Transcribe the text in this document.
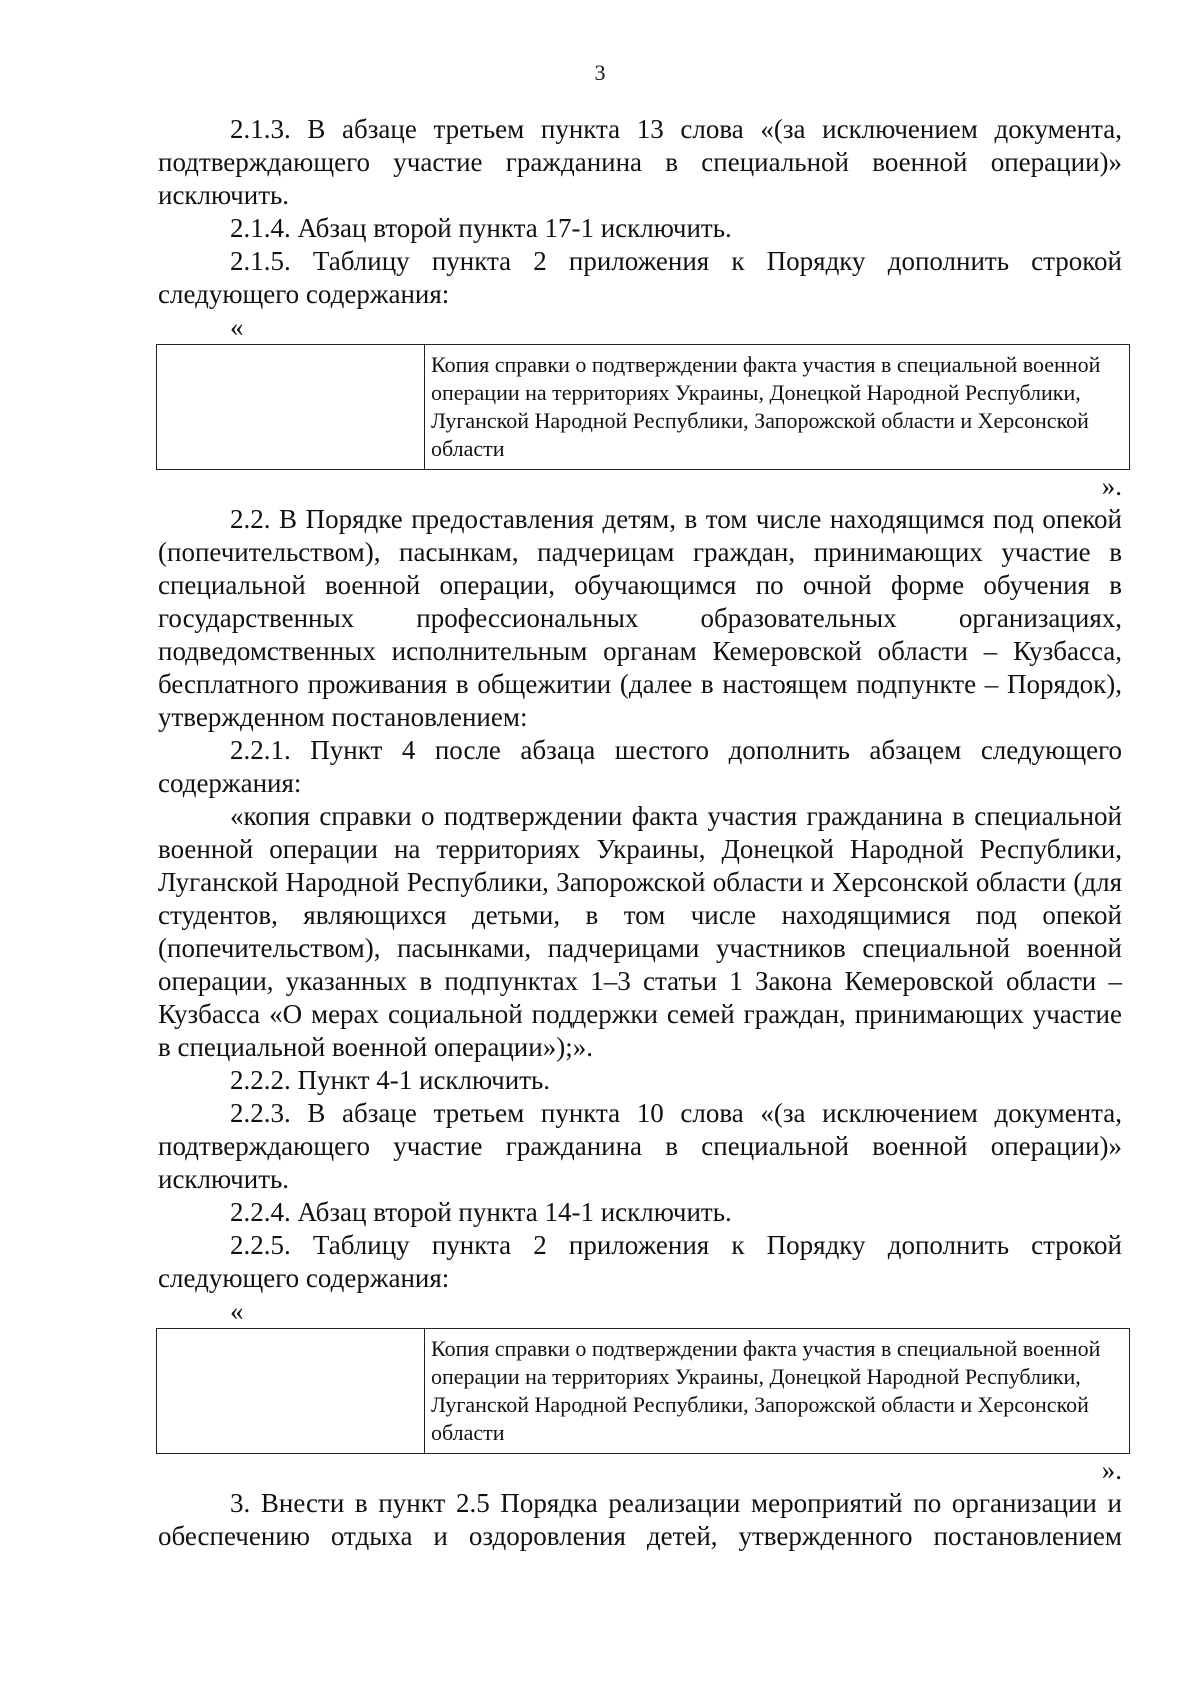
3

2.1.3. В абзаце третьем пункта 13 слова «(за исключением документа, подтверждающего участие гражданина в специальной военной операции)» исключить.

2.1.4. Абзац второй пункта 17-1 исключить.

2.1.5. Таблицу пункта 2 приложения к Порядку дополнить строкой следующего содержания:

«

	Копия справки о подтверждении факта участия в специальной военной операции на территориях Украины, Донецкой Народной Республики, Луганской Народной Республики, Запорожской области и Херсонской области

».

2.2. В Порядке предоставления детям, в том числе находящимся под опекой (попечительством), пасынкам, падчерицам граждан, принимающих участие в специальной военной операции, обучающимся по очной форме обучения в государственных профессиональных образовательных организациях, подведомственных исполнительным органам Кемеровской области – Кузбасса, бесплатного проживания в общежитии (далее в настоящем подпункте – Порядок), утвержденном постановлением:

2.2.1. Пункт 4 после абзаца шестого дополнить абзацем следующего содержания:

«копия справки о подтверждении факта участия гражданина в специальной военной операции на территориях Украины, Донецкой Народной Республики, Луганской Народной Республики, Запорожской области и Херсонской области (для студентов, являющихся детьми, в том числе находящимися под опекой (попечительством), пасынками, падчерицами участников специальной военной операции, указанных в подпунктах 1–3 статьи 1 Закона Кемеровской области – Кузбасса «О мерах социальной поддержки семей граждан, принимающих участие в специальной военной операции»);».

2.2.2. Пункт 4-1 исключить.

2.2.3. В абзаце третьем пункта 10 слова «(за исключением документа, подтверждающего участие гражданина в специальной военной операции)» исключить.

2.2.4. Абзац второй пункта 14-1 исключить.

2.2.5. Таблицу пункта 2 приложения к Порядку дополнить строкой следующего содержания:

«

	Копия справки о подтверждении факта участия в специальной военной операции на территориях Украины, Донецкой Народной Республики, Луганской Народной Республики, Запорожской области и Херсонской области

».

3. Внести в пункт 2.5 Порядка реализации мероприятий по организации и обеспечению отдыха и оздоровления детей, утвержденного постановлением
